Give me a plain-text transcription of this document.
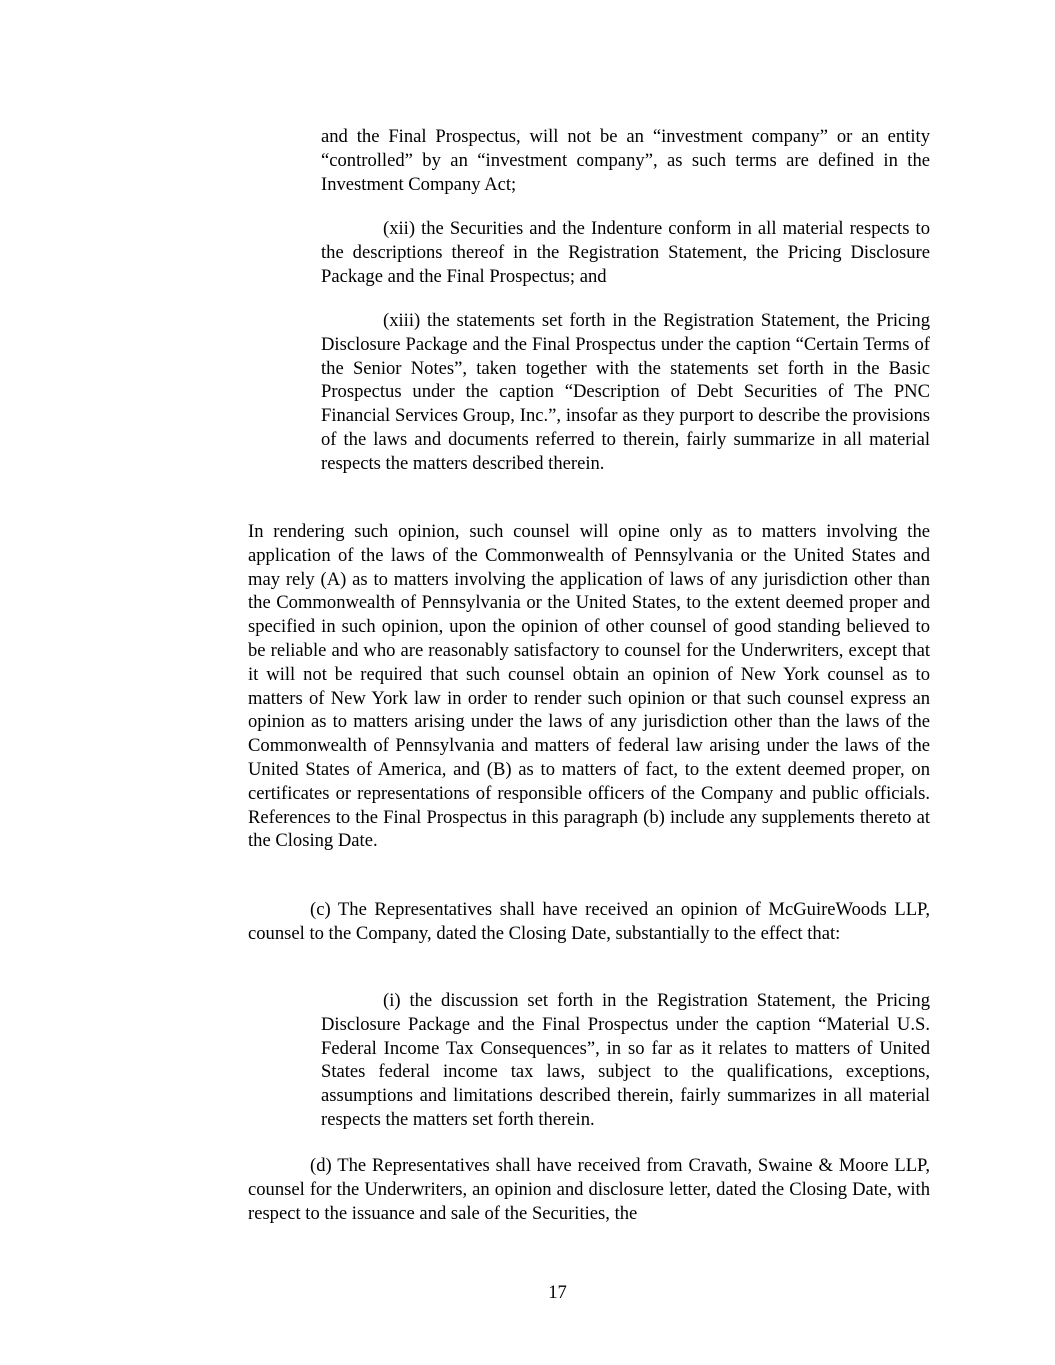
and the Final Prospectus, will not be an “investment company” or an entity “controlled” by an “investment company”, as such terms are defined in the Investment Company Act;

(xii) the Securities and the Indenture conform in all material respects to the descriptions thereof in the Registration Statement, the Pricing Disclosure Package and the Final Prospectus; and

(xiii) the statements set forth in the Registration Statement, the Pricing Disclosure Package and the Final Prospectus under the caption “Certain Terms of the Senior Notes”, taken together with the statements set forth in the Basic Prospectus under the caption “Description of Debt Securities of The PNC Financial Services Group, Inc.”, insofar as they purport to describe the provisions of the laws and documents referred to therein, fairly summarize in all material respects the matters described therein.

In rendering such opinion, such counsel will opine only as to matters involving the application of the laws of the Commonwealth of Pennsylvania or the United States and may rely (A) as to matters involving the application of laws of any jurisdiction other than the Commonwealth of Pennsylvania or the United States, to the extent deemed proper and specified in such opinion, upon the opinion of other counsel of good standing believed to be reliable and who are reasonably satisfactory to counsel for the Underwriters, except that it will not be required that such counsel obtain an opinion of New York counsel as to matters of New York law in order to render such opinion or that such counsel express an opinion as to matters arising under the laws of any jurisdiction other than the laws of the Commonwealth of Pennsylvania and matters of federal law arising under the laws of the United States of America, and (B) as to matters of fact, to the extent deemed proper, on certificates or representations of responsible officers of the Company and public officials. References to the Final Prospectus in this paragraph (b) include any supplements thereto at the Closing Date.

(c) The Representatives shall have received an opinion of McGuireWoods LLP, counsel to the Company, dated the Closing Date, substantially to the effect that:

(i) the discussion set forth in the Registration Statement, the Pricing Disclosure Package and the Final Prospectus under the caption “Material U.S. Federal Income Tax Consequences”, in so far as it relates to matters of United States federal income tax laws, subject to the qualifications, exceptions, assumptions and limitations described therein, fairly summarizes in all material respects the matters set forth therein.

(d) The Representatives shall have received from Cravath, Swaine & Moore LLP, counsel for the Underwriters, an opinion and disclosure letter, dated the Closing Date, with respect to the issuance and sale of the Securities, the

17
